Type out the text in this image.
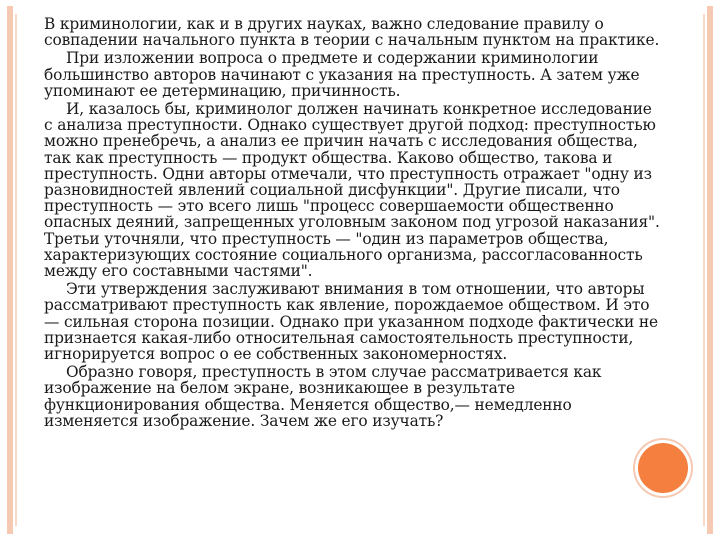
В криминологии, как и в других науках, важно следование правилу о совпадении начального пункта в теории с начальным пунктом на практике.

При изложении вопроса о предмете и содержании криминологии большинство авторов начинают с указания на преступность. А затем уже упоминают ее детерминацию, причинность.

И, казалось бы, криминолог должен начинать конкретное исследование с анализа преступности. Однако существует другой подход: преступностью можно пренебречь, а анализ ее причин начать с исследования общества, так как преступность — продукт общества. Каково общество, такова и преступность. Одни авторы отмечали, что преступность отражает "одну из разновидностей явлений социальной дисфункции". Другие писали, что преступность — это всего лишь "процесс совершаемости общественно опасных деяний, запрещенных уголовным законом под угрозой наказания". Третьи уточняли, что преступность — "один из параметров общества, характеризующих состояние социального организма, рассогласованность между его составными частями".

Эти утверждения заслуживают внимания в том отношении, что авторы рассматривают преступность как явление, порождаемое обществом. И это — сильная сторона позиции. Однако при указанном подходе фактически не признается какая-либо относительная самостоятельность преступности, игнорируется вопрос о ее собственных закономерностях.

Образно говоря, преступность в этом случае рассматривается как изображение на белом экране, возникающее в результате функционирования общества. Меняется общество,— немедленно изменяется изображение. Зачем же его изучать?
